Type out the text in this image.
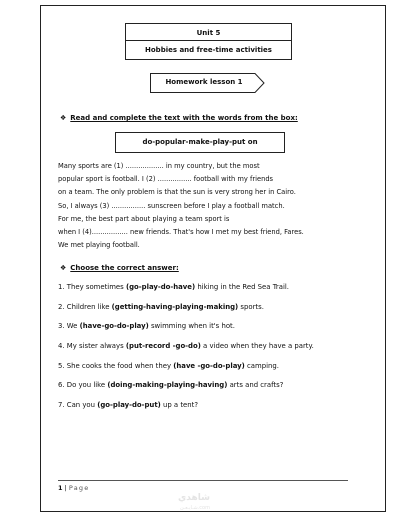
Unit 5
Hobbies and free-time activities
Homework lesson 1
❖ Read and complete the text with the words from the box:
do-popular-make-play-put on
Many sports are (1) .................. in my country, but the most
popular sport is football. I (2) ................ football with my friends
on a team. The only problem is that the sun is very strong her in Cairo.
So, I always (3) ................ sunscreen before I play a football match.
For me, the best part about playing a team sport is
when I (4)................. new friends. That's how I met my best friend, Fares.
We met playing football.
❖ Choose the correct answer:
1. They sometimes (go-play-do-have) hiking in the Red Sea Trail.
2. Children like (getting-having-playing-making) sports.
3. We (have-go-do-play) swimming when it's hot.
4. My sister always (put-record -go-do) a video when they have a party.
5. She cooks the food when they (have -go-do-play) camping.
6. Do you like (doing-making-playing-having) arts and crafts?
7. Can you (go-play-do-put) up a tent?
1 | Page
شاهدي
شـايـعـن.com
